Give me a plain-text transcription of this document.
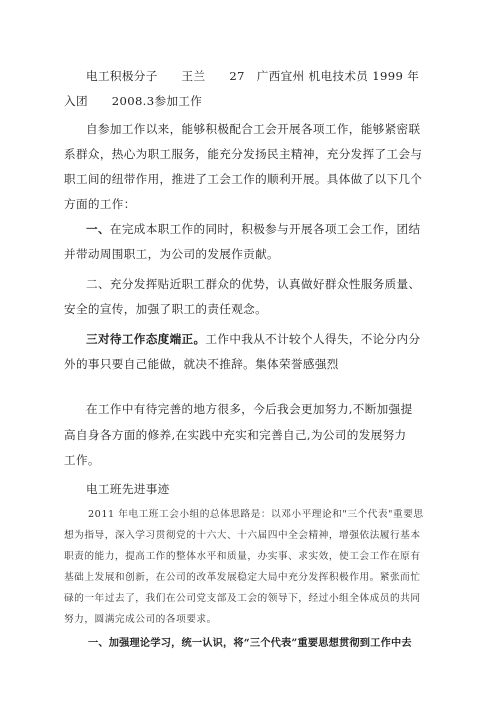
电工积极分子　　王兰　　27　广西宜州 机电技术员 1999 年
入团　　2008.3参加工作
自参加工作以来，能够积极配合工会开展各项工作，能够紧密联
系群众，热心为职工服务，能充分发扬民主精神，充分发挥了工会与
职工间的纽带作用，推进了工会工作的顺利开展。具体做了以下几个
方面的工作：
一、在完成本职工作的同时，积极参与开展各项工会工作，团结
并带动周围职工，为公司的发展作贡献。
二、充分发挥贴近职工群众的优势，认真做好群众性服务质量、
安全的宣传，加强了职工的责任观念。
三对待工作态度端正。工作中我从不计较个人得失，不论分内分
外的事只要自己能做，就决不推辞。集体荣誉感强烈
在工作中有待完善的地方很多，今后我会更加努力,不断加强提
高自身各方面的修养,在实践中充实和完善自己,为公司的发展努力
工作。
电工班先进事迹
2011 年电工班工会小组的总体思路是：以邓小平理论和"三个代表"重要思
想为指导，深入学习贯彻党的十六大、十六届四中全会精神，增强依法履行基本
职责的能力，提高工作的整体水平和质量，办实事、求实效，使工会工作在原有
基础上发展和创新，在公司的改革发展稳定大局中充分发挥积极作用。紧张而忙
碌的一年过去了，我们在公司党支部及工会的领导下，经过小组全体成员的共同
努力，圆满完成公司的各项要求。
一、加强理论学习，统一认识，将“三个代表”重要思想贯彻到工作中去
